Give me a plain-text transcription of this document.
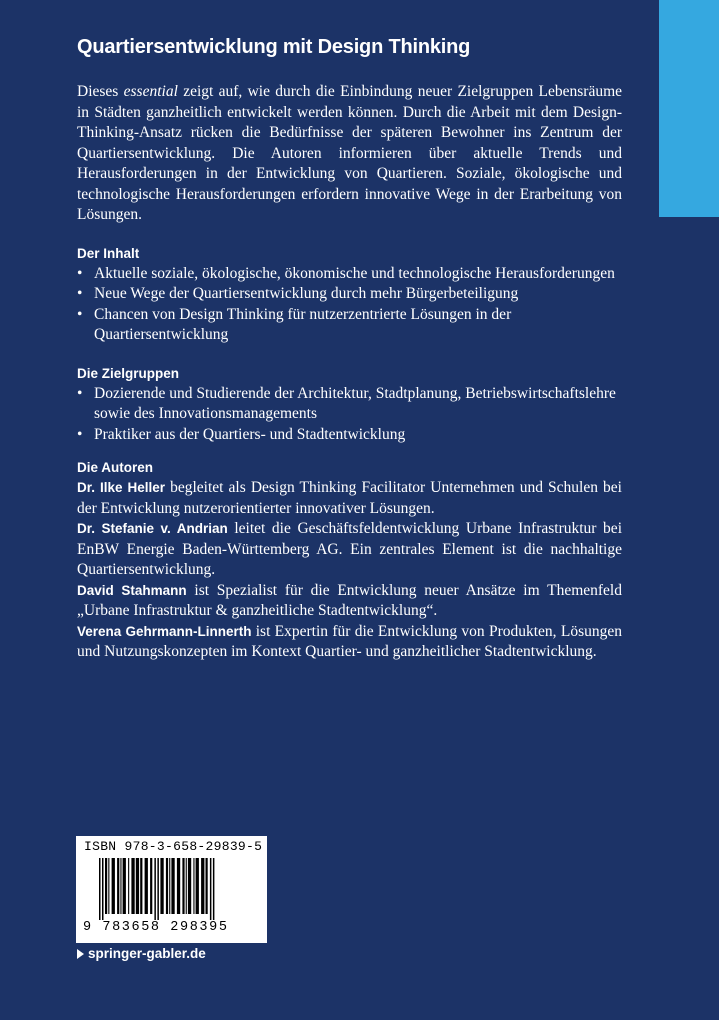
Quartiersentwicklung mit Design Thinking

Dieses essential zeigt auf, wie durch die Einbindung neuer Zielgruppen Lebensräume in Städten ganzheitlich entwickelt werden können. Durch die Arbeit mit dem Design-Thinking-Ansatz rücken die Bedürfnisse der späteren Bewohner ins Zentrum der Quartiersentwicklung. Die Autoren informieren über aktuelle Trends und Herausforderungen in der Entwicklung von Quartieren. Soziale, ökologische und technologische Herausforderungen erfordern innovative Wege in der Erarbeitung von Lösungen.

Der Inhalt
• Aktuelle soziale, ökologische, ökonomische und technologische Herausforderungen
• Neue Wege der Quartiersentwicklung durch mehr Bürgerbeteiligung
• Chancen von Design Thinking für nutzerzentrierte Lösungen in der Quartiersentwicklung
Die Zielgruppen
• Dozierende und Studierende der Architektur, Stadtplanung, Betriebswirtschaftslehre sowie des Innovationsmanagements
• Praktiker aus der Quartiers- und Stadtentwicklung
Die Autoren

Dr. Ilke Heller begleitet als Design Thinking Facilitator Unternehmen und Schulen bei der Entwicklung nutzerorientierter innovativer Lösungen.

Dr. Stefanie v. Andrian leitet die Geschäftsfeldentwicklung Urbane Infrastruktur bei EnBW Energie Baden-Württemberg AG. Ein zentrales Element ist die nachhaltige Quartiersentwicklung.

David Stahmann ist Spezialist für die Entwicklung neuer Ansätze im Themenfeld „Urbane Infrastruktur & ganzheitliche Stadtentwicklung“.

Verena Gehrmann-Linnerth ist Expertin für die Entwicklung von Produkten, Lösungen und Nutzungskonzepten im Kontext Quartier- und ganzheitlicher Stadtentwicklung.

ISBN 978-3-658-29839-5
9 783658 298395
springer-gabler.de
